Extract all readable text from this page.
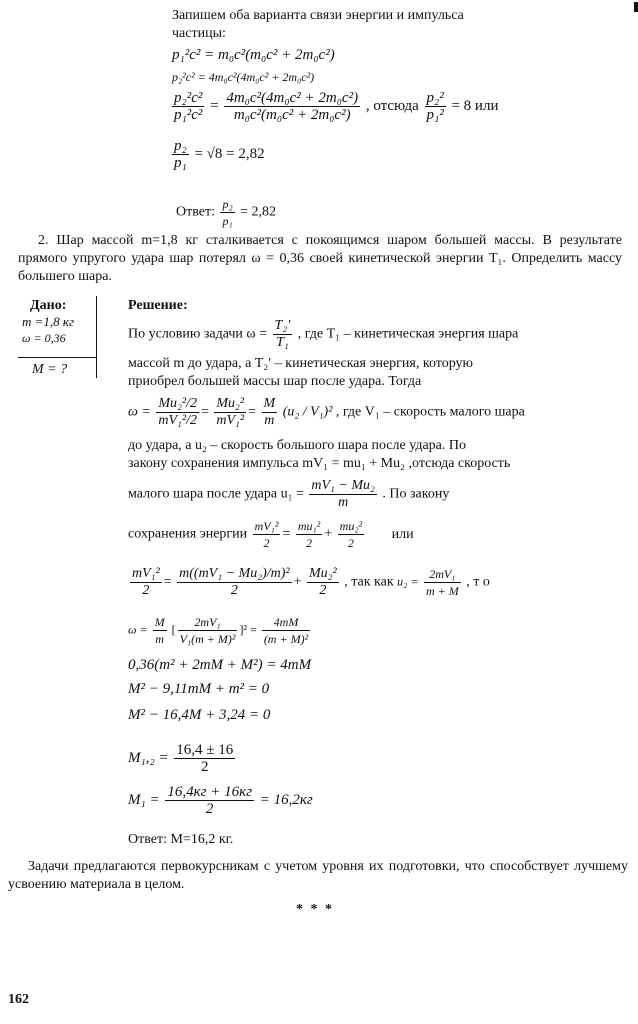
Запишем оба варианта связи энергии и импульса
частицы:
p₁²c² = m₀c²(m₀c² + 2m₀c²)
p₂²c² = 4m₀c²(4m₀c² + 2m₀c²)
$\frac{\text{p₂²c²}}{\text{p₁²c²}} = \frac{\text{4m₀c²(4m₀c² + 2m₀c²)}}{\text{m₀c²(m₀c² + 2m₀c²)}}$ , отсюда $\frac{\text{p₂²}}{\text{p₁²}} = 8$ или
$\frac{\text{p₂}}{\text{p₁}} = √8 = 2,82$
Ответ: $\frac{\text{p₂}}{\text{p₁}} = 2,82$
2. Шар массой m=1,8 кг сталкивается с покоящимся шаром большей массы. В результате прямого упругого удара шар потерял ω = 0,36 своей кинетической энергии T₁. Определить массу большего шара.
Дано:
m =1,8 кг
ω = 0,36
M = ?
Решение:
По условию задачи $\omega = \frac{\text{T₂′}}{\text{T₁}}$ , где T₁ – кинетическая энергия шара
массой m до удара, а T₂′ – кинетическая энергия, которую
приобрел большей массы шар после удара. Тогда
$\omega = \frac{\text{Mu₂²/2}}{\text{mV₁²/2}} = \frac{\text{Mu₂²}}{\text{mV₁²}} = \frac{M}{m} (u_2 / V_1)^2$ , где V₁ – скорость малого шара
до удара, а u₂ – скорость большого шара после удара. По
закону сохранения импульса mV₁ = mu₁ + Mu₂ ,отсюда скорость
малого шара после удара $u_1 = \frac{\text{mV₁ − Mu₂}}{m}$ . По закону
сохранения энергии $\frac{\text{mV₁²}}{2} = \frac{\text{mu₁²}}{2} + \frac{\text{mu₂²}}{2}$ или
$\frac{\text{mV₁²}}{2} = \frac{\text{m((mV₁ − Mu₂)/m)²}}{2} + \frac{\text{Mu₂²}}{2}$ , так как $u_2 = \frac{\text{2mV₁}}{m + M}$ , т о
$\omega = \frac{M}{m}$ [ $\frac{\text{2mV₁}}{\text{V₁(m + M)²}} ]^2 = \frac{4mM}{\text{(m + M)²}}$
0,36(m² + 2mM + M²) = 4mM
M² − 9,11mM + m² = 0
M² − 16,4M + 3,24 = 0
$M_1,_2 = \frac{16,4 \pm 16}{2}$
$M_1 = \frac{16,4кг + 16кг}{2} = 16,2кг$
Ответ: M=16,2 кг.
Задачи предлагаются первокурсникам с учетом уровня их подготовки, что способствует лучшему усвоению материала в целом.
* * *
162
